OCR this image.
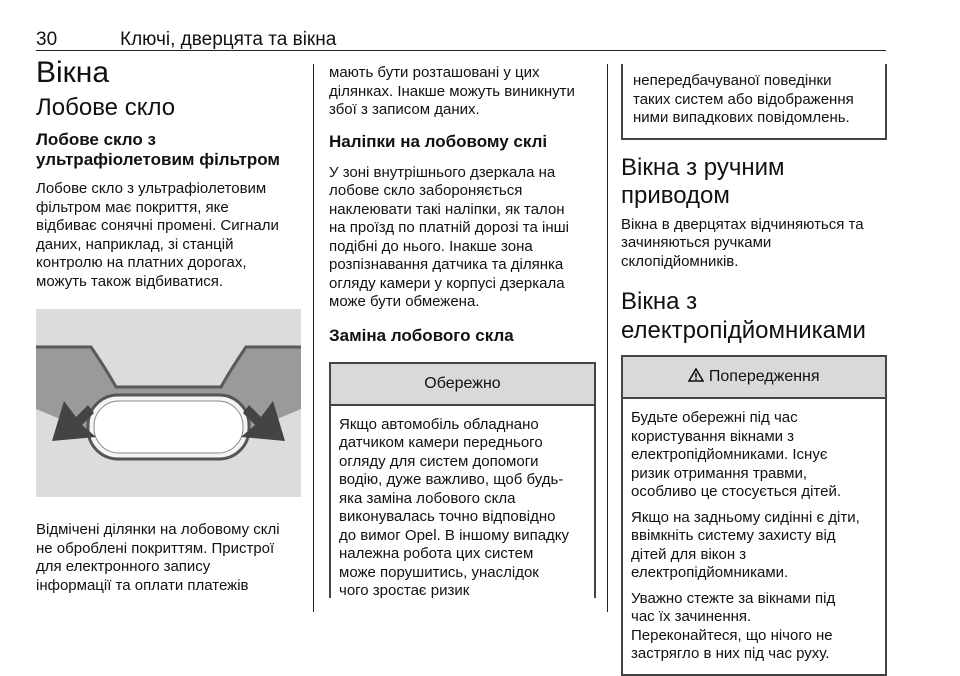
30	Ключі, дверцята та вікна
Вікна
Лобове скло
Лобове скло з
ультрафіолетовим фільтром
Лобове скло з ультрафіолетовим
фільтром має покриття, яке
відбиває сонячні промені. Сигнали
даних, наприклад, зі станцій
контролю на платних дорогах,
можуть також відбиватися.
Відмічені ділянки на лобовому склі
не оброблені покриттям. Пристрої
для електронного запису
інформації та оплати платежів
мають бути розташовані у цих
ділянках. Інакше можуть виникнути
збої з записом даних.
Наліпки на лобовому склі
У зоні внутрішнього дзеркала на
лобове скло забороняється
наклеювати такі наліпки, як талон
на проїзд по платній дорозі та інші
подібні до нього. Інакше зона
розпізнавання датчика та ділянка
огляду камери у корпусі дзеркала
може бути обмежена.
Заміна лобового скла
Обережно
Якщо автомобіль обладнано
датчиком камери переднього
огляду для систем допомоги
водію, дуже важливо, щоб будь-
яка заміна лобового скла
виконувалась точно відповідно
до вимог Opel. В іншому випадку
належна робота цих систем
може порушитись, унаслідок
чого зростає ризик
непередбачуваної поведінки
таких систем або відображення
ними випадкових повідомлень.
Вікна з ручним приводом
Вікна в дверцятах відчиняються та
зачиняються ручками
склопідйомників.
Вікна з
електропідйомниками
Попередження
Будьте обережні під час
користування вікнами з
електропідйомниками. Існує
ризик отримання травми,
особливо це стосується дітей.
Якщо на задньому сидінні є діти,
ввімкніть систему захисту від
дітей для вікон з
електропідйомниками.
Уважно стежте за вікнами під
час їх зачинення.
Переконайтеся, що нічого не
застрягло в них під час руху.
